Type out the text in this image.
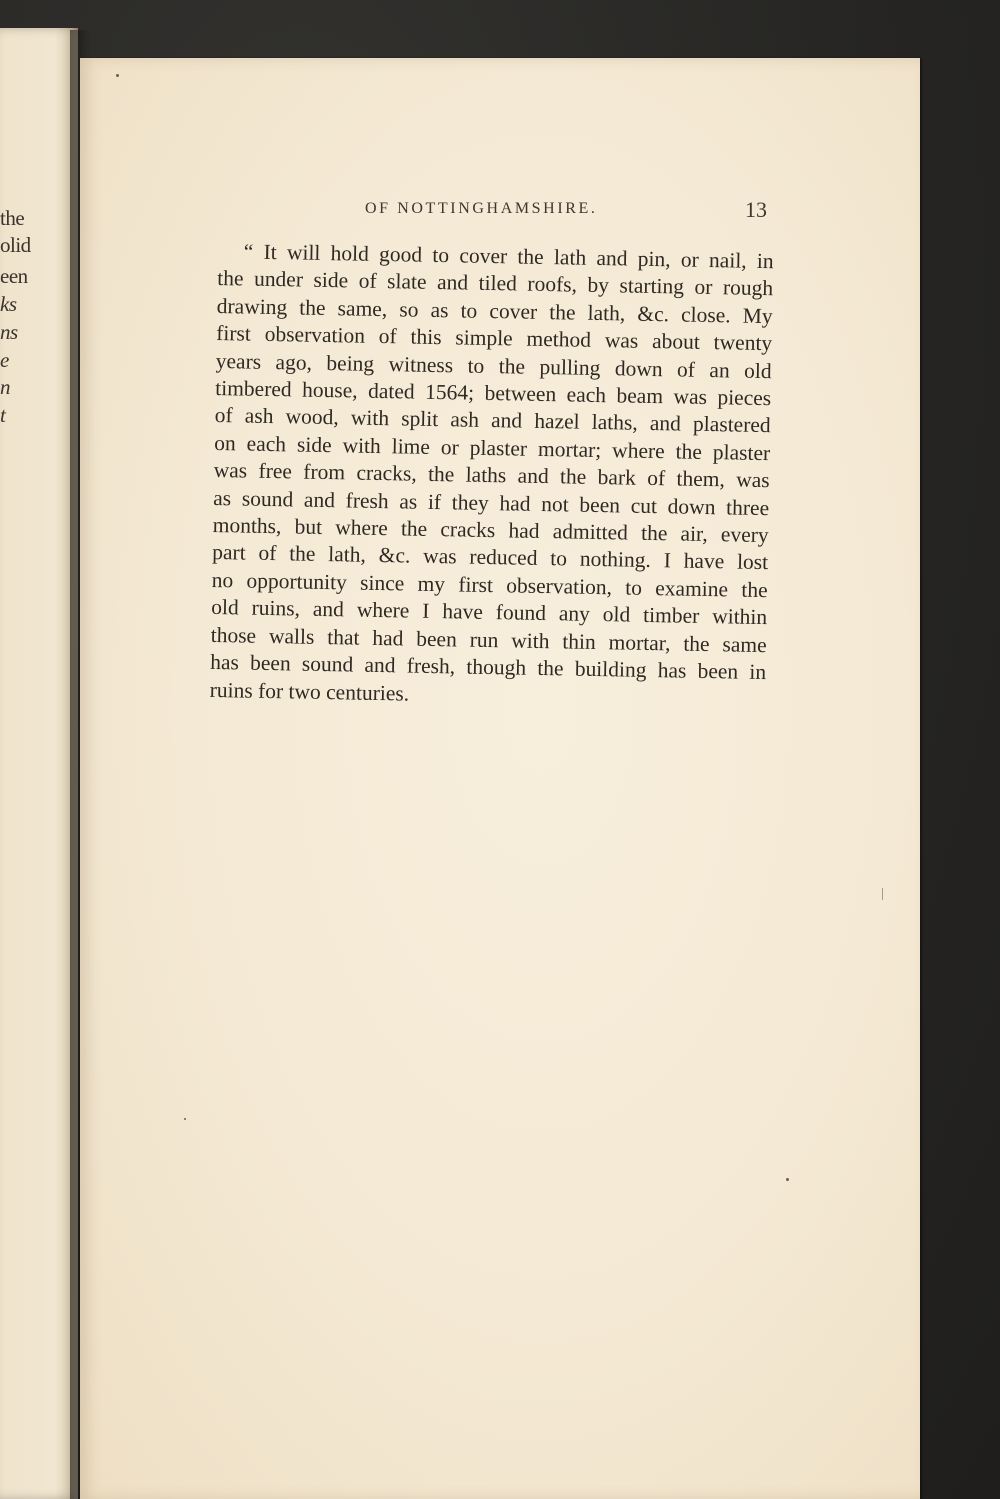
the
olid
een
ks
ns
e
n
t
OF NOTTINGHAMSHIRE.	13
“ It will hold good to cover the lath and pin, or nail, in
the under side of slate and tiled roofs, by starting or rough
drawing the same, so as to cover the lath, &c. close. My
first observation of this simple method was about twenty
years ago, being witness to the pulling down of an old
timbered house, dated 1564; between each beam was pieces
of ash wood, with split ash and hazel laths, and plastered
on each side with lime or plaster mortar; where the plaster
was free from cracks, the laths and the bark of them, was
as sound and fresh as if they had not been cut down three
months, but where the cracks had admitted the air, every
part of the lath, &c. was reduced to nothing. I have lost
no opportunity since my first observation, to examine the
old ruins, and where I have found any old timber within
those walls that had been run with thin mortar, the same
has been sound and fresh, though the building has been in
ruins for two centuries.
